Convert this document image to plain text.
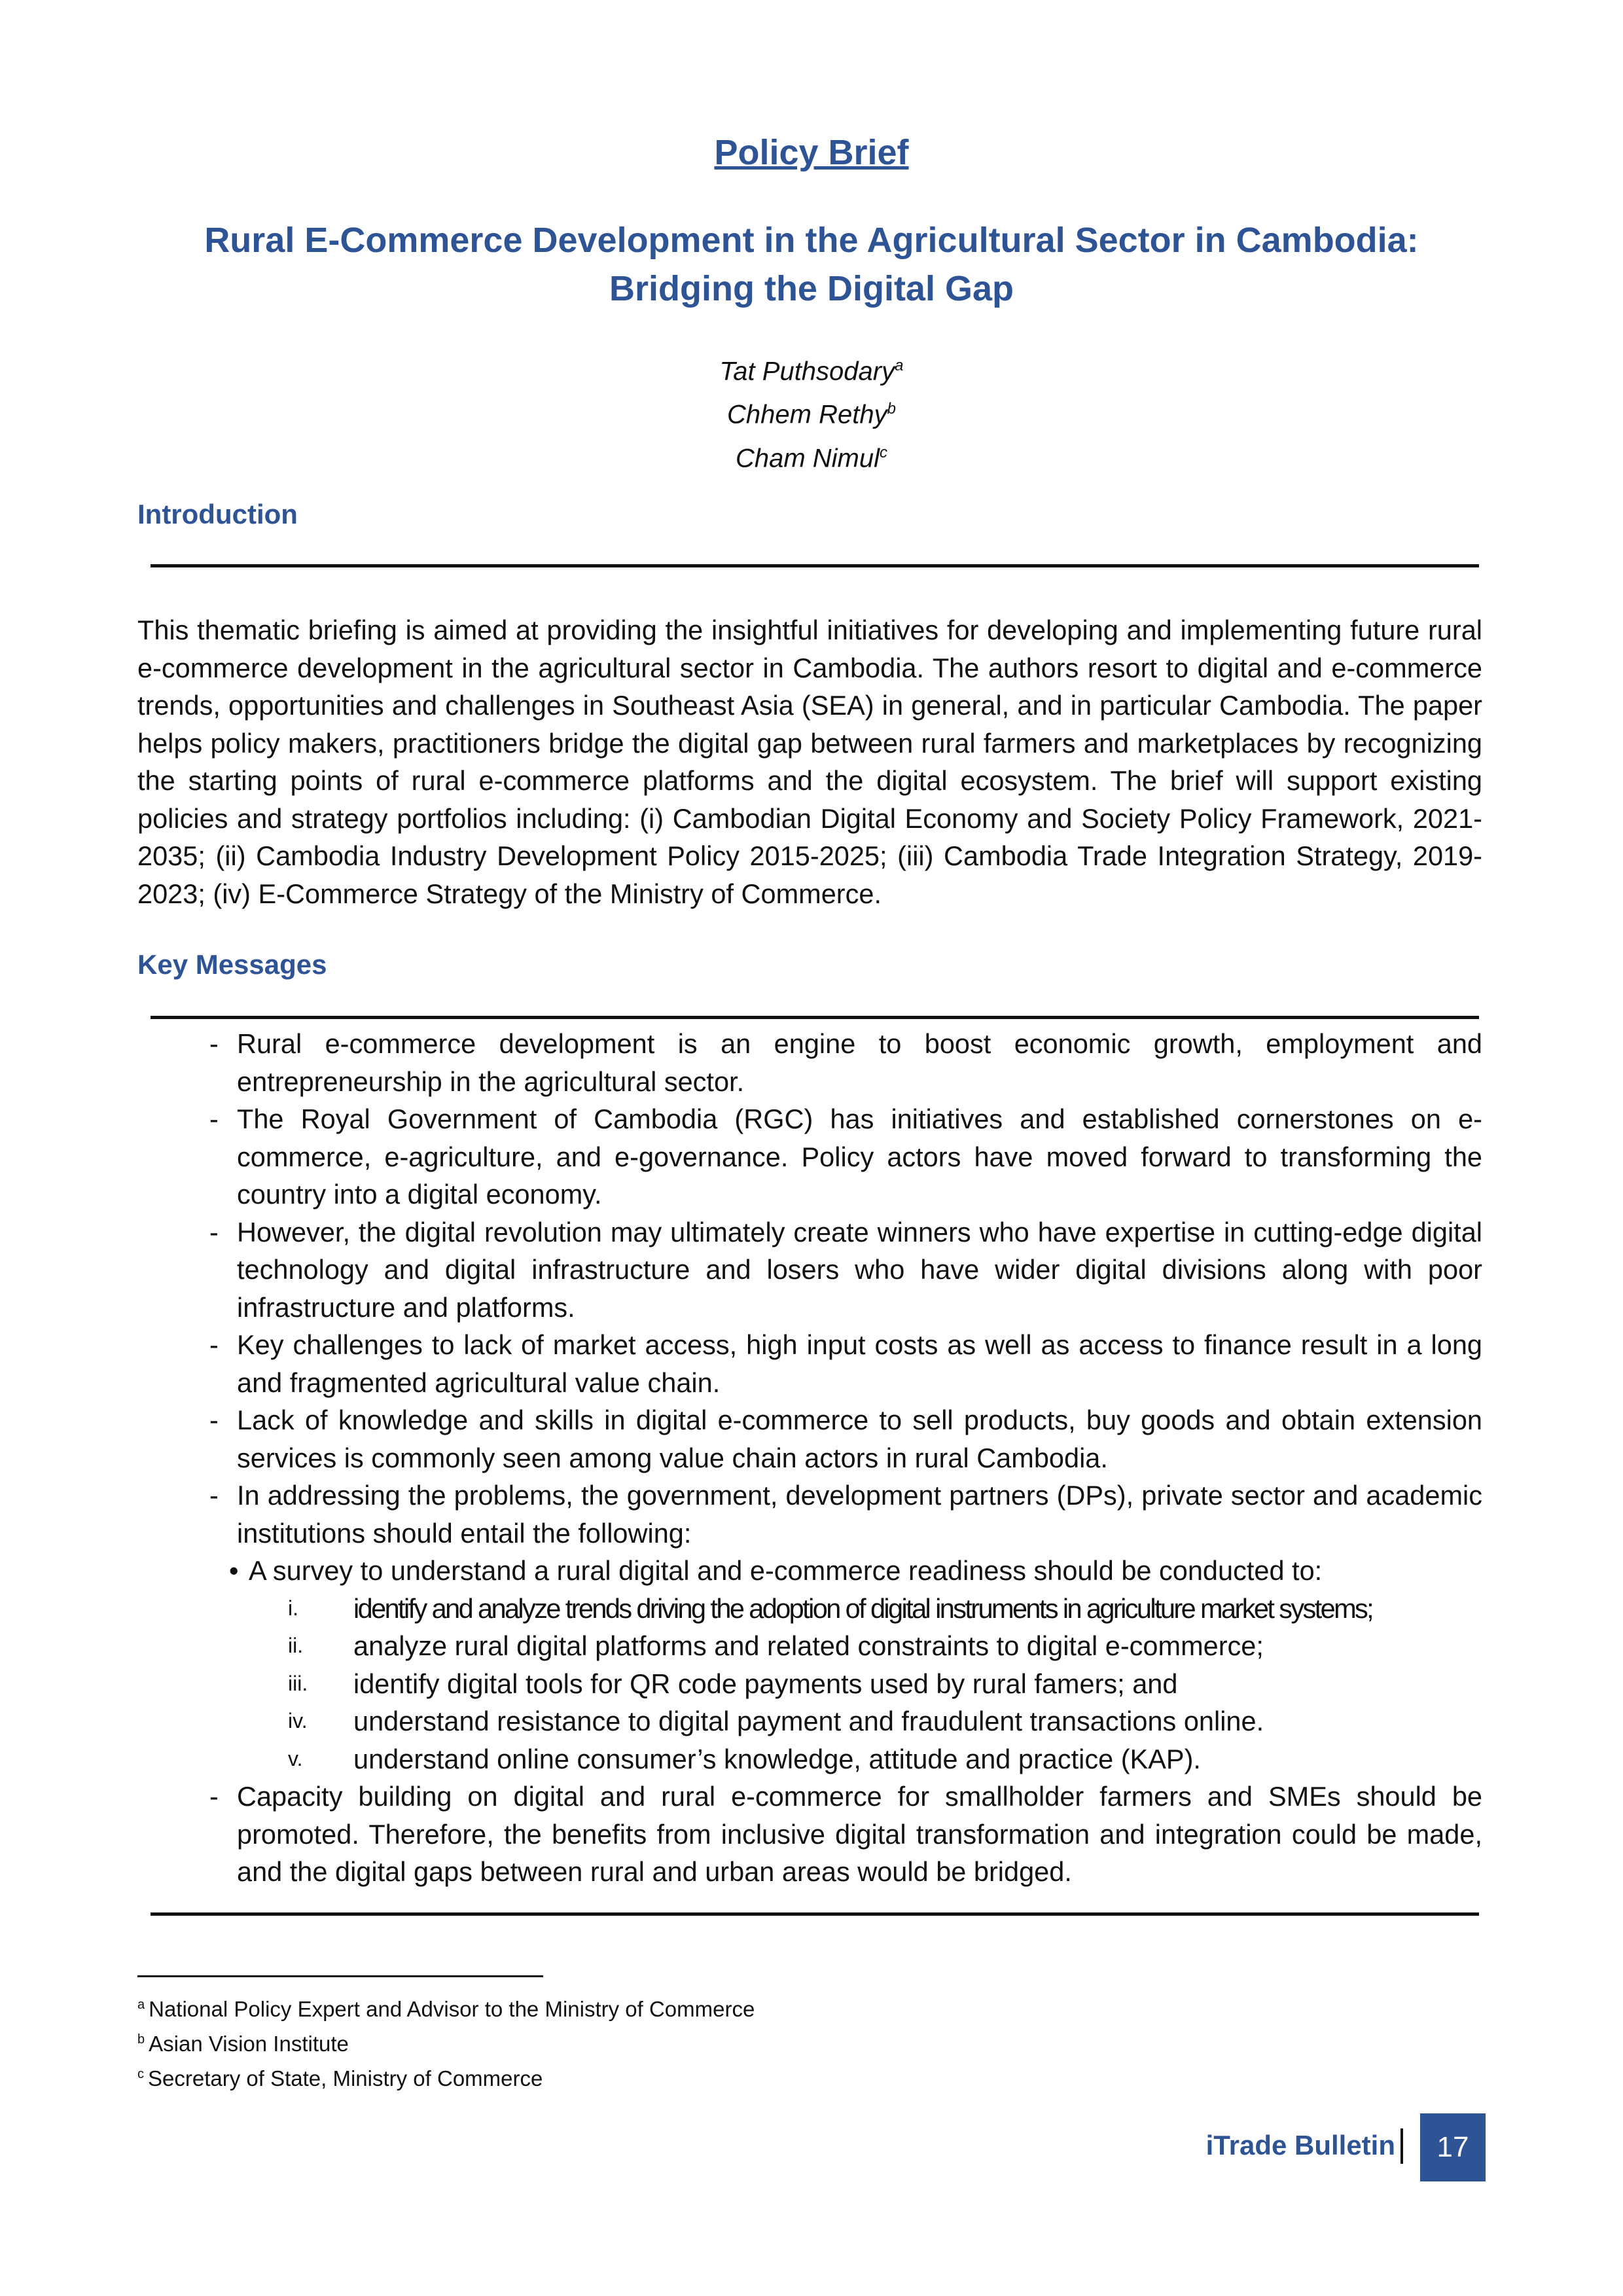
Policy Brief
Rural E-Commerce Development in the Agricultural Sector in Cambodia: Bridging the Digital Gap
Tat Puthsodary$^a$
Chhem Rethy$^b$
Cham Nimul$^c$
Introduction

This thematic briefing is aimed at providing the insightful initiatives for developing and implementing future rural e-commerce development in the agricultural sector in Cambodia. The authors resort to digital and e-commerce trends, opportunities and challenges in Southeast Asia (SEA) in general, and in particular Cambodia. The paper helps policy makers, practitioners bridge the digital gap between rural farmers and marketplaces by recognizing the starting points of rural e-commerce platforms and the digital ecosystem. The brief will support existing policies and strategy portfolios including: (i) Cambodian Digital Economy and Society Policy Framework, 2021-2035; (ii) Cambodia Industry Development Policy 2015-2025; (iii) Cambodia Trade Integration Strategy, 2019-2023; (iv) E-Commerce Strategy of the Ministry of Commerce.

Key Messages
- Rural e-commerce development is an engine to boost economic growth, employment and entrepreneurship in the agricultural sector.
- The Royal Government of Cambodia (RGC) has initiatives and established cornerstones on e-commerce, e-agriculture, and e-governance. Policy actors have moved forward to transforming the country into a digital economy.
- However, the digital revolution may ultimately create winners who have expertise in cutting-edge digital technology and digital infrastructure and losers who have wider digital divisions along with poor infrastructure and platforms.
- Key challenges to lack of market access, high input costs as well as access to finance result in a long and fragmented agricultural value chain.
- Lack of knowledge and skills in digital e-commerce to sell products, buy goods and obtain extension services is commonly seen among value chain actors in rural Cambodia.
- In addressing the problems, the government, development partners (DPs), private sector and academic institutions should entail the following:
• A survey to understand a rural digital and e-commerce readiness should be conducted to:
i. identify and analyze trends driving the adoption of digital instruments in agriculture market systems;
ii. analyze rural digital platforms and related constraints to digital e-commerce;
iii. identify digital tools for QR code payments used by rural famers; and
iv. understand resistance to digital payment and fraudulent transactions online.
v. understand online consumer’s knowledge, attitude and practice (KAP).
- Capacity building on digital and rural e-commerce for smallholder farmers and SMEs should be promoted. Therefore, the benefits from inclusive digital transformation and integration could be made, and the digital gaps between rural and urban areas would be bridged.
$^a$ National Policy Expert and Advisor to the Ministry of Commerce
$^b$ Asian Vision Institute
$^c$ Secretary of State, Ministry of Commerce
iTrade Bulletin	17
